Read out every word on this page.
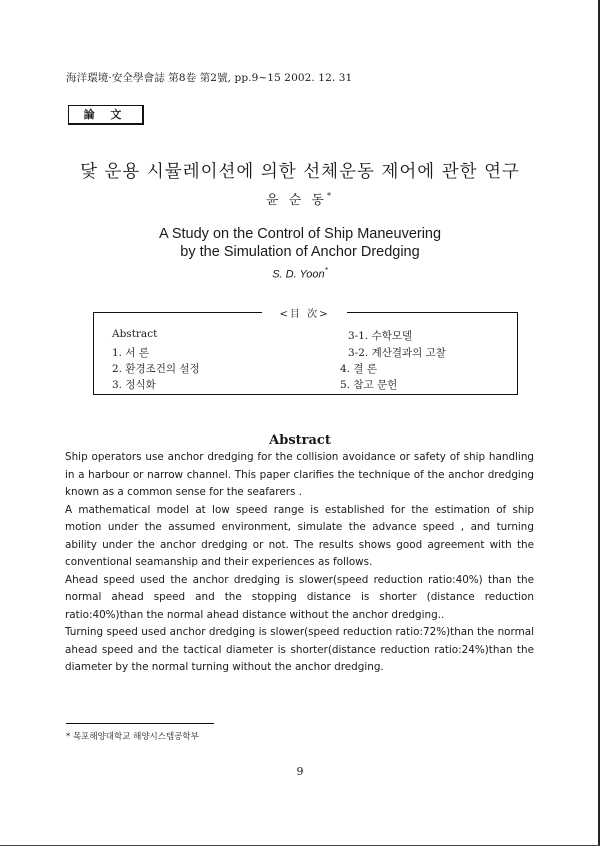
海洋環境·安全學會誌 第8卷 第2號, pp.9~15 2002. 12. 31
論 文
닻 운용 시뮬레이션에 의한 선체운동 제어에 관한 연구
윤 순 동*
A Study on the Control of Ship Maneuvering
by the Simulation of Anchor Dredging
S. D. Yoon*
<目 次>
Abstract
1. 서 론
2. 환경조건의 설정
3. 정식화
3-1. 수학모델
3-2. 계산결과의 고찰
4. 결 론
5. 참고 문헌
Abstract

Ship operators use anchor dredging for the collision avoidance or safety of ship handling in a harbour or narrow channel. This paper clarifies the technique of the anchor dredging known as a common sense for the seafarers .

A mathematical model at low speed range is established for the estimation of ship motion under the assumed environment, simulate the advance speed , and turning ability under the anchor dredging or not. The results shows good agreement with the conventional seamanship and their experiences as follows.

Ahead speed used the anchor dredging is slower(speed reduction ratio:40%) than the normal ahead speed and the stopping distance is shorter (distance reduction ratio:40%)than the normal ahead distance without the anchor dredging..

Turning speed used anchor dredging is slower(speed reduction ratio:72%)than the normal ahead speed and the tactical diameter is shorter(distance reduction ratio:24%)than the diameter by the normal turning without the anchor dredging.

* 목포해양대학교 해양시스템공학부
9
